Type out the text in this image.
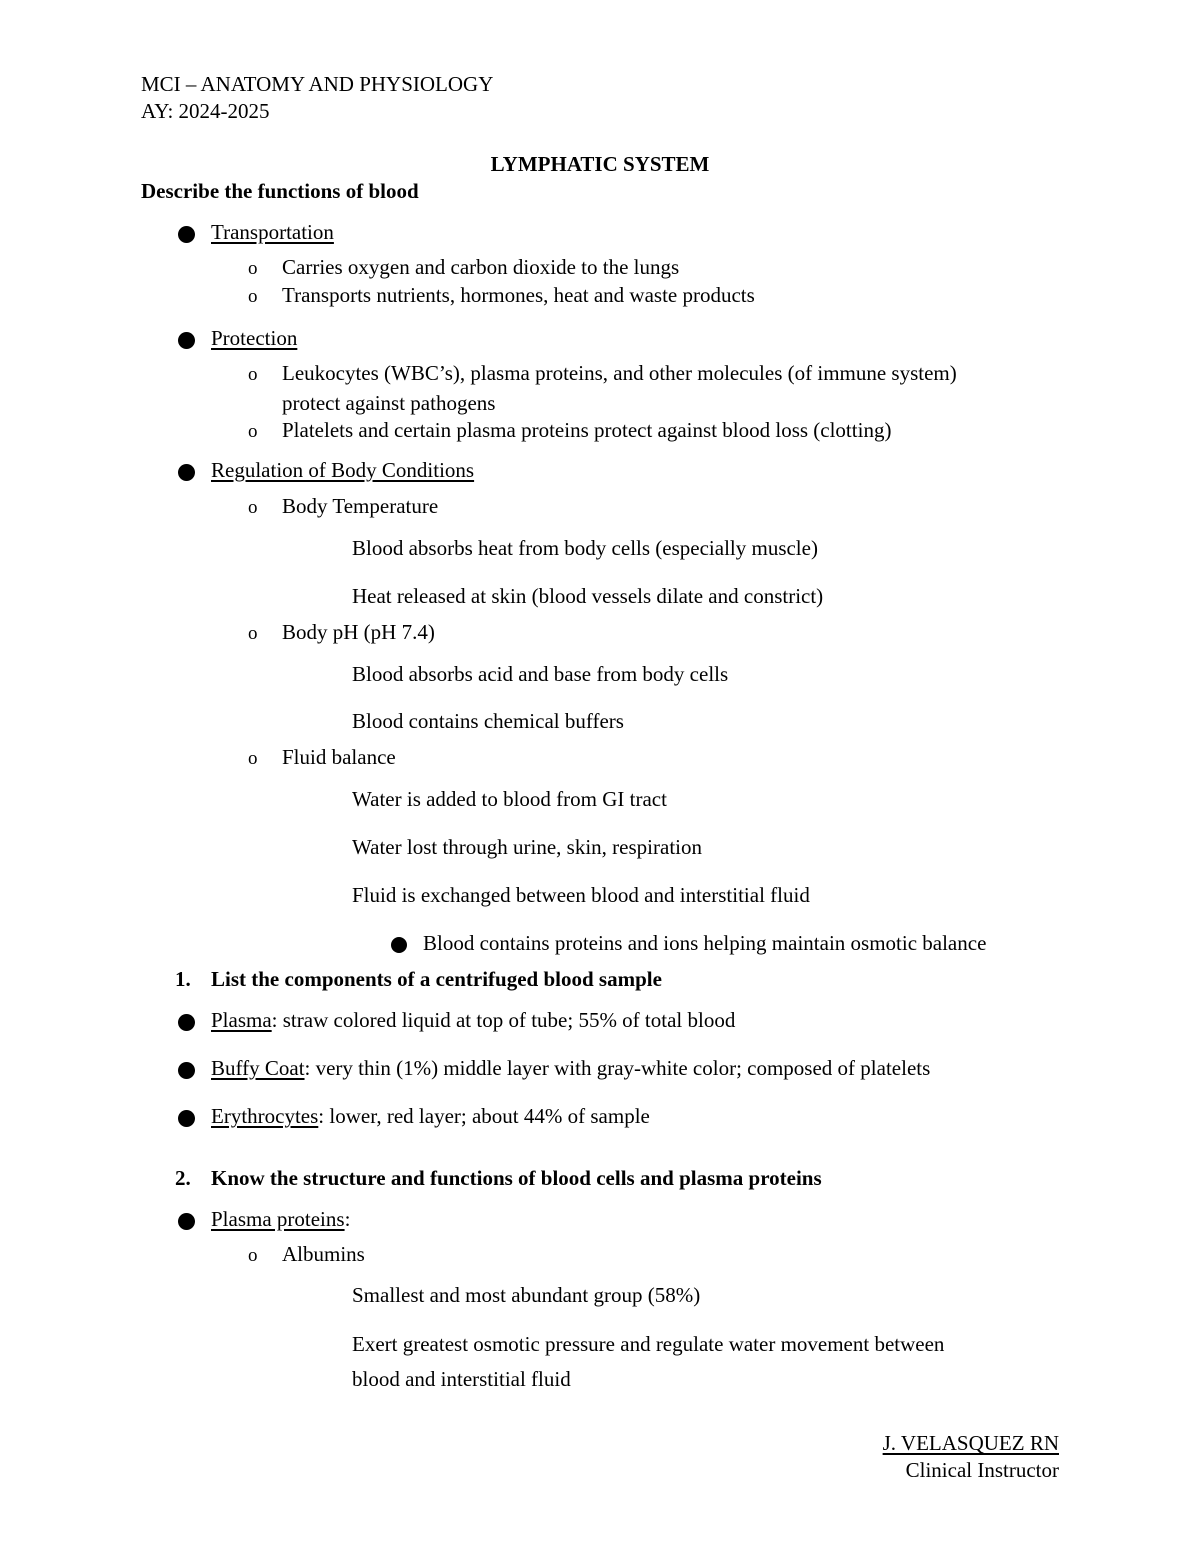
MCI – ANATOMY AND PHYSIOLOGY
AY: 2024-2025
LYMPHATIC SYSTEM
Describe the functions of blood
Transportation
o Carries oxygen and carbon dioxide to the lungs
o Transports nutrients, hormones, heat and waste products
Protection
o Leukocytes (WBC’s), plasma proteins, and other molecules (of immune system)
protect against pathogens
o Platelets and certain plasma proteins protect against blood loss (clotting)
Regulation of Body Conditions
o Body Temperature
Blood absorbs heat from body cells (especially muscle)
Heat released at skin (blood vessels dilate and constrict)
o Body pH (pH 7.4)
Blood absorbs acid and base from body cells
Blood contains chemical buffers
o Fluid balance
Water is added to blood from GI tract
Water lost through urine, skin, respiration
Fluid is exchanged between blood and interstitial fluid
Blood contains proteins and ions helping maintain osmotic balance
1. List the components of a centrifuged blood sample
Plasma: straw colored liquid at top of tube; 55% of total blood
Buffy Coat: very thin (1%) middle layer with gray-white color; composed of platelets
Erythrocytes: lower, red layer; about 44% of sample
2. Know the structure and functions of blood cells and plasma proteins
Plasma proteins:
o Albumins
Smallest and most abundant group (58%)
Exert greatest osmotic pressure and regulate water movement between
blood and interstitial fluid
J. VELASQUEZ RN
Clinical Instructor
